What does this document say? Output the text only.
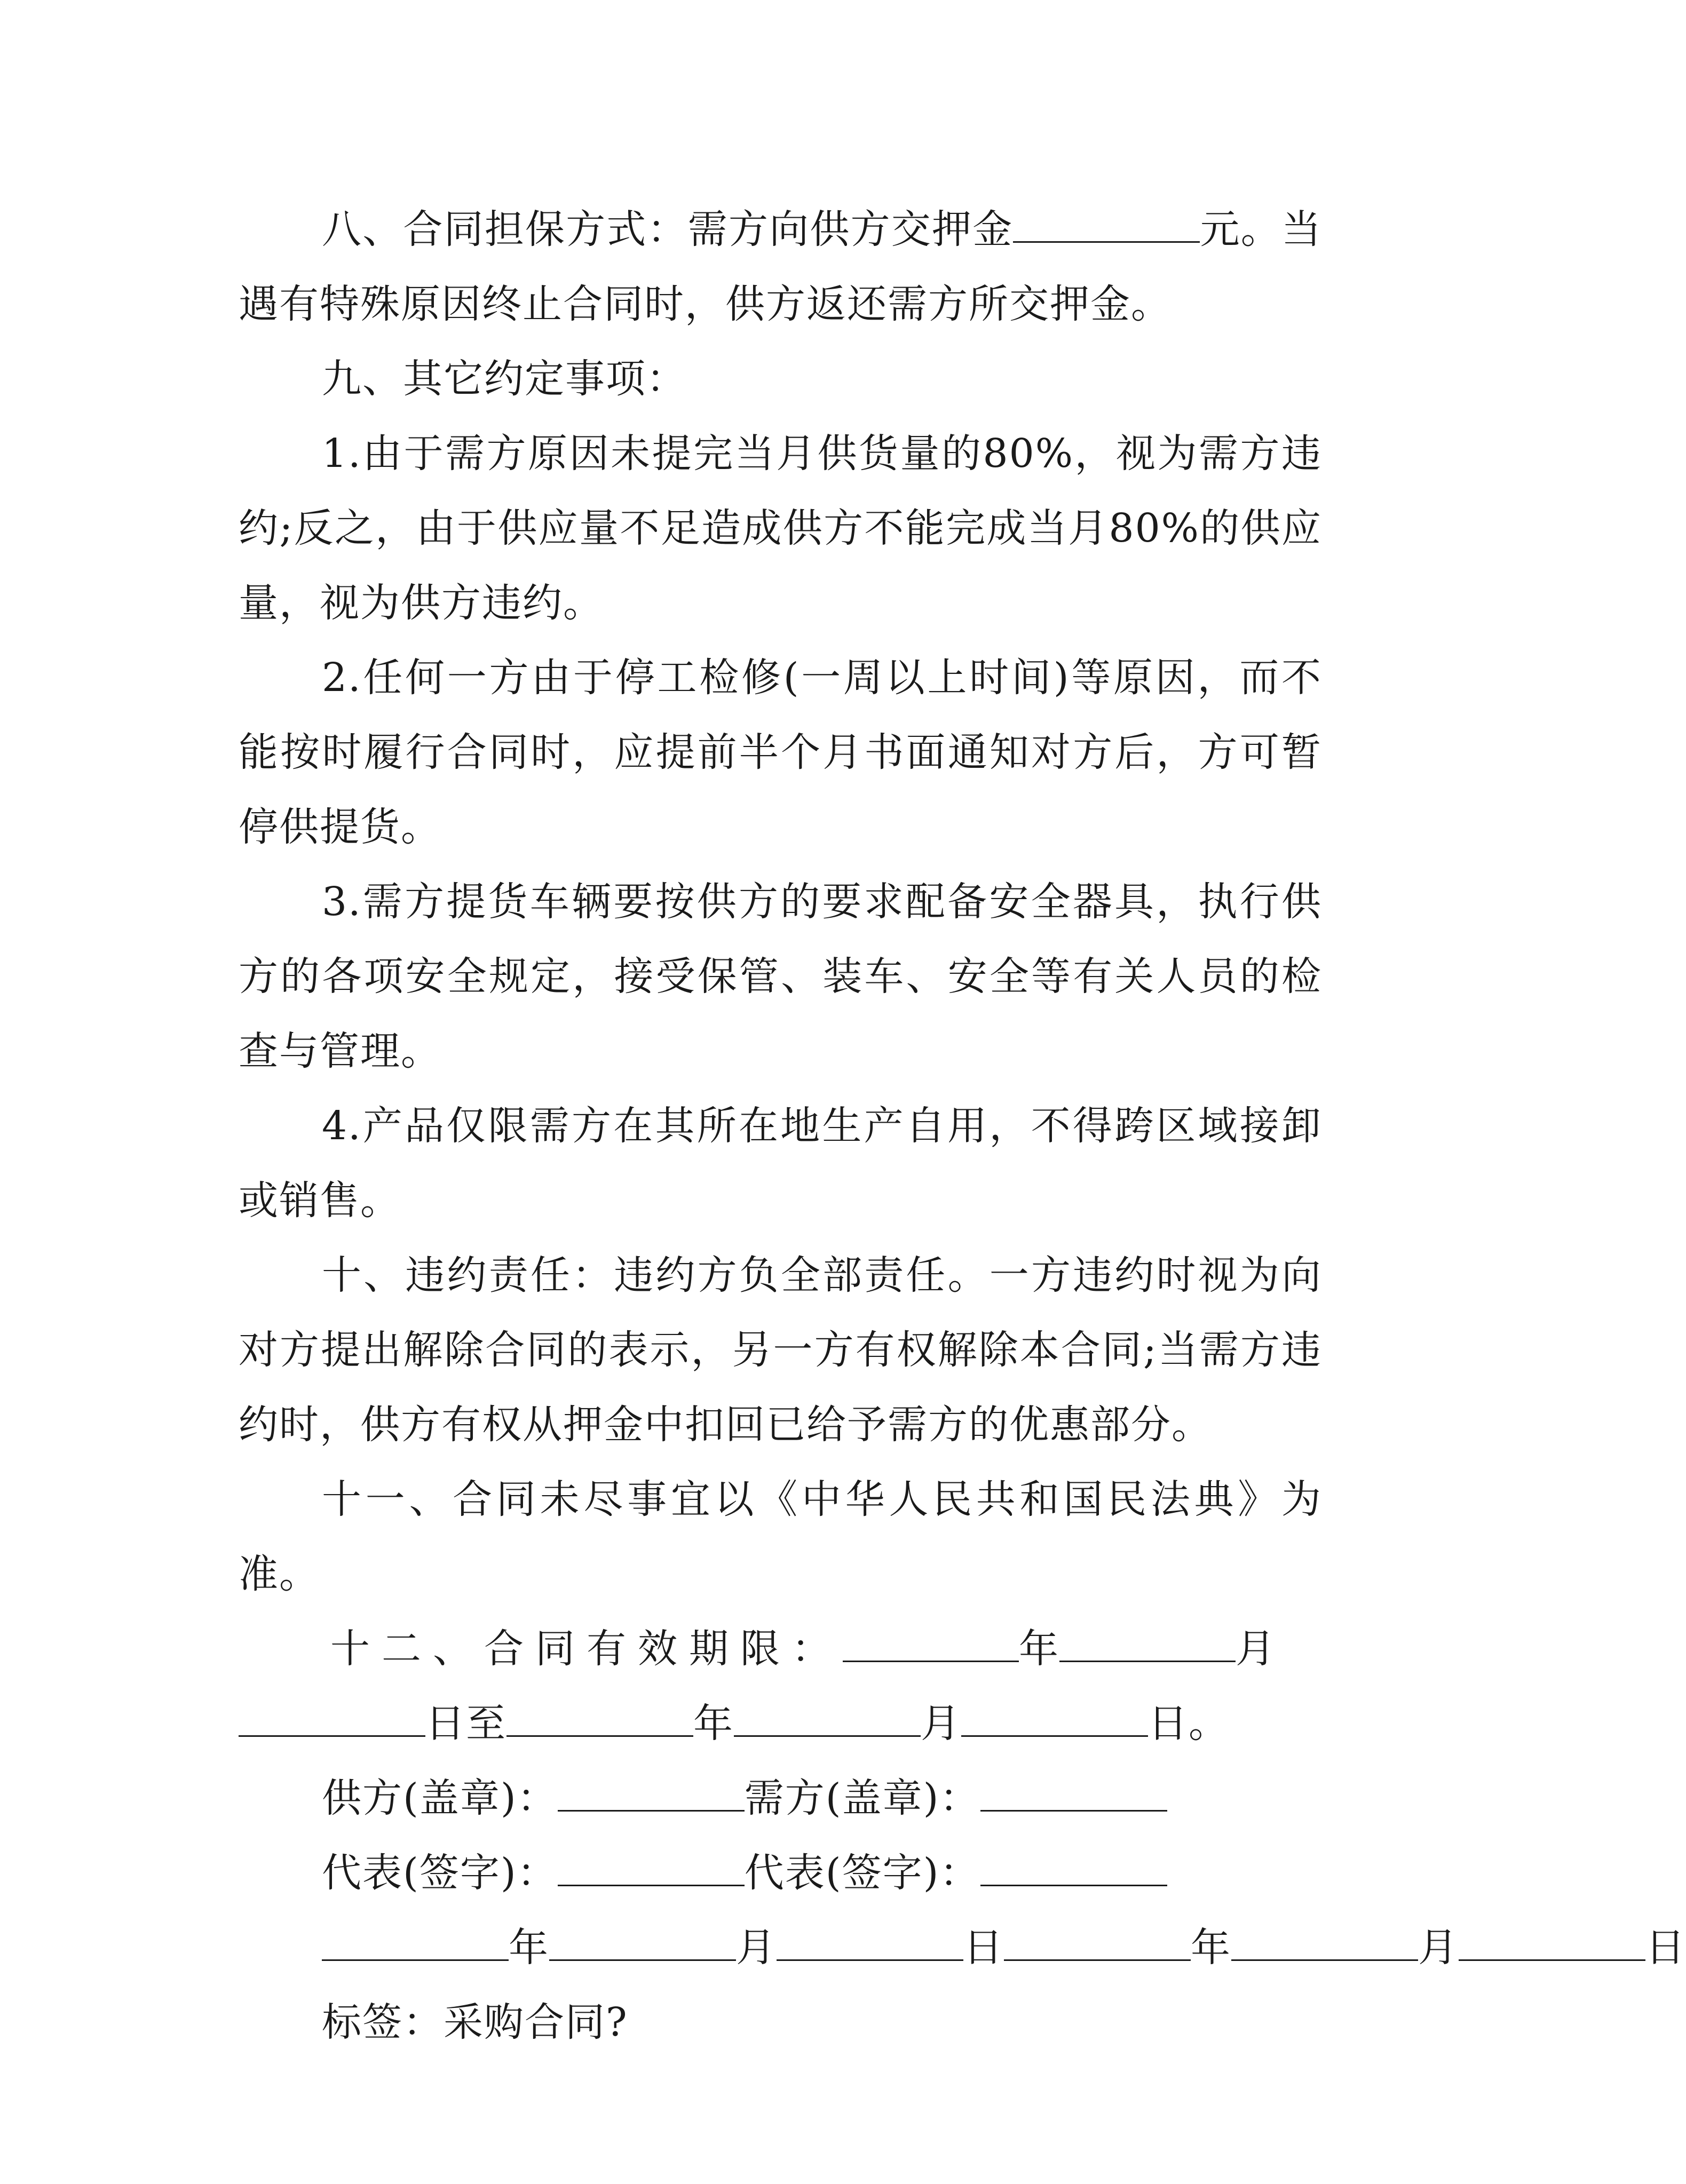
八、合同担保方式：需方向供方交押金	元。当遇有特殊原因终止合同时，供方返还需方所交押金。

九、其它约定事项：

1.由于需方原因未提完当月供货量的80%，视为需方违约;反之，由于供应量不足造成供方不能完成当月80%的供应量，视为供方违约。

2.任何一方由于停工检修(一周以上时间)等原因，而不能按时履行合同时，应提前半个月书面通知对方后，方可暂停供提货。

3.需方提货车辆要按供方的要求配备安全器具，执行供方的各项安全规定，接受保管、装车、安全等有关人员的检查与管理。

4.产品仅限需方在其所在地生产自用，不得跨区域接卸或销售。

十、违约责任：违约方负全部责任。一方违约时视为向对方提出解除合同的表示，另一方有权解除本合同;当需方违约时，供方有权从押金中扣回已给予需方的优惠部分。

十一、合同未尽事宜以《中华人民共和国民法典》为准。

十二、合同有效期限：	年	月

日至	年	月	日。

供方(盖章)：	需方(盖章)：

代表(签字)：	代表(签字)：

年	月	日	年	月	日

标签：采购合同?
